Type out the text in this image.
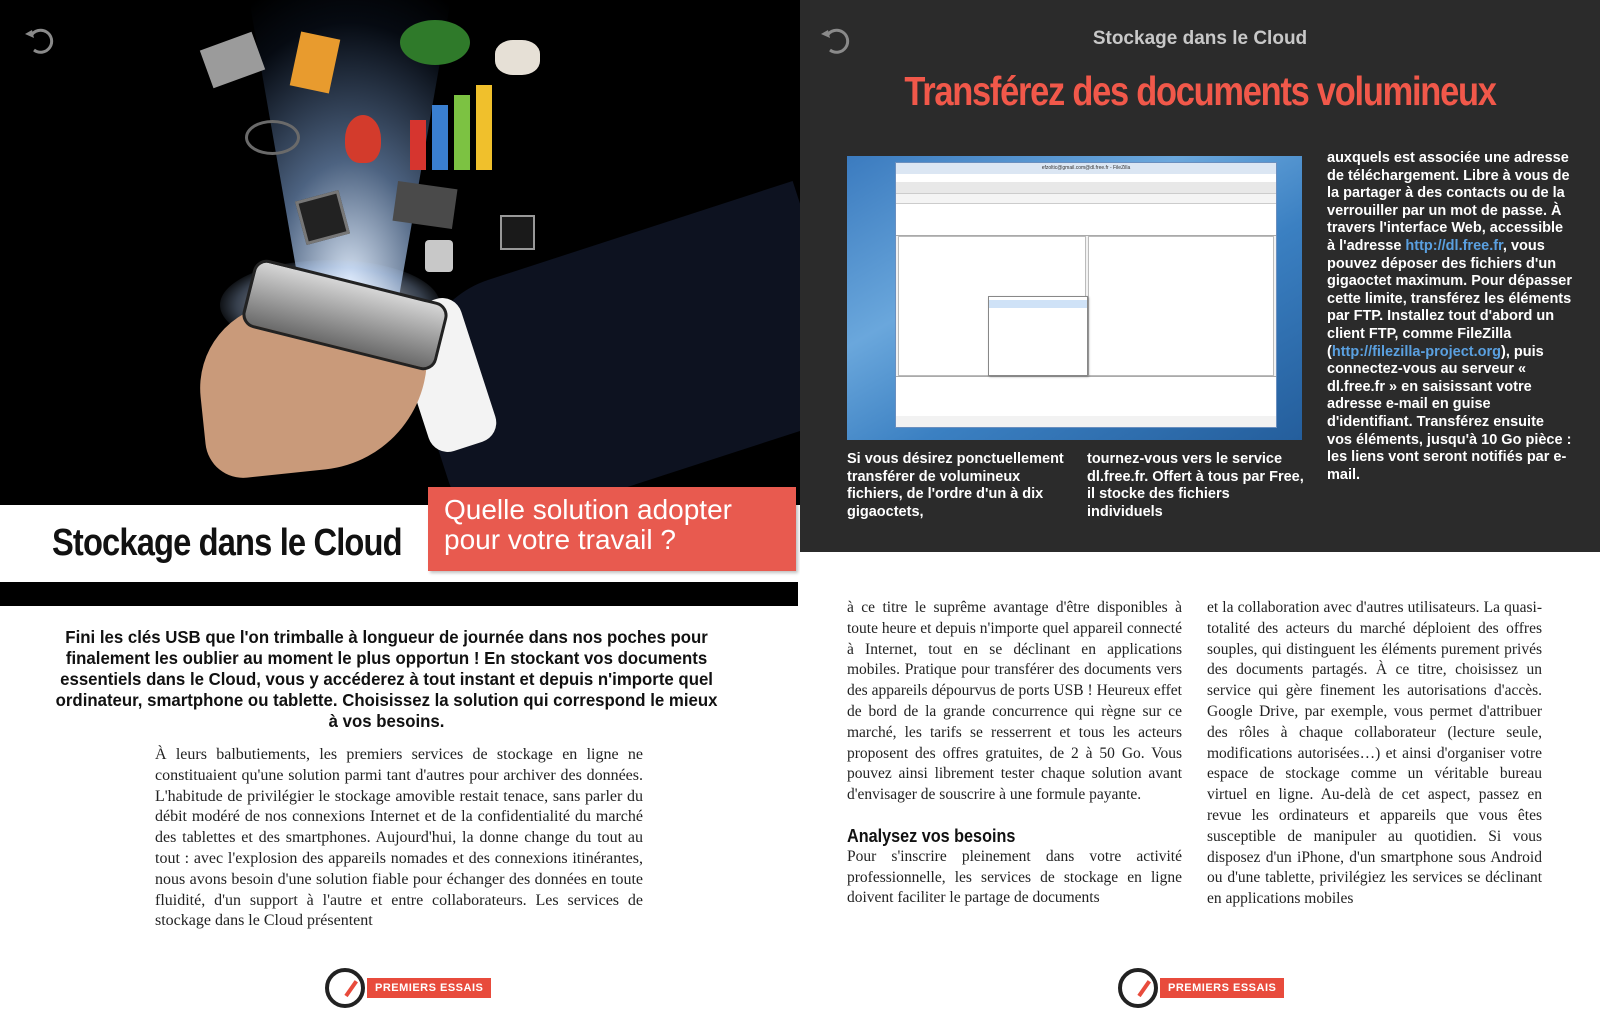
Stockage dans le Cloud
Quelle solution adopter
pour votre travail ?
Fini les clés USB que l'on trimballe à longueur de journée dans nos poches pour finalement les oublier au moment le plus opportun ! En stockant vos documents essentiels dans le Cloud, vous y accéderez à tout instant et depuis n'importe quel ordinateur, smartphone ou tablette. Choisissez la solution qui correspond le mieux à vos besoins.
À leurs balbutiements, les premiers services de stockage en ligne ne constituaient qu'une solution parmi tant d'autres pour archiver des données. L'habitude de privilégier le stockage amovible restait tenace, sans parler du débit modéré de nos connexions Internet et de la confidentialité du marché des tablettes et des smartphones. Aujourd'hui, la donne change du tout au tout : avec l'explosion des appareils nomades et des connexions itinérantes, nous avons besoin d'une solution fiable pour échanger des données en toute fluidité, d'un support à l'autre et entre collaborateurs. Les services de stockage dans le Cloud présentent
PREMIERS ESSAIS
Stockage dans le Cloud
Transférez des documents volumineux
efzoltic@gmail.com@dl.free.fr - FileZilla
Si vous désirez ponctuellement transférer de volumineux fichiers, de l'ordre d'un à dix gigaoctets,
tournez-vous vers le service dl.free.fr. Offert à tous par Free, il stocke des fichiers individuels
auxquels est associée une adresse de téléchargement. Libre à vous de la partager à des contacts ou de la verrouiller par un mot de passe. À travers l'interface Web, accessible à l'adresse http://dl.free.fr, vous pouvez déposer des fichiers d'un gigaoctet maximum. Pour dépasser cette limite, transférez les éléments par FTP. Installez tout d'abord un client FTP, comme FileZilla (http://filezilla-project.org), puis connectez-vous au serveur « dl.free.fr » en saisissant votre adresse e-mail en guise d'identifiant. Transférez ensuite vos éléments, jusqu'à 10 Go pièce : les liens vont seront notifiés par e-mail.
à ce titre le suprême avantage d'être disponibles à toute heure et depuis n'importe quel appareil connecté à Internet, tout en se déclinant en applications mobiles. Pratique pour transférer des documents vers des appareils dépourvus de ports USB ! Heureux effet de bord de la grande concurrence qui règne sur ce marché, les tarifs se resserrent et tous les acteurs proposent des offres gratuites, de 2 à 50 Go. Vous pouvez ainsi librement tester chaque solution avant d'envisager de souscrire à une formule payante.
Analysez vos besoins
Pour s'inscrire pleinement dans votre activité professionnelle, les services de stockage en ligne doivent faciliter le partage de documents
et la collaboration avec d'autres utilisateurs. La quasi-totalité des acteurs du marché déploient des offres souples, qui distinguent les éléments purement privés des documents partagés. À ce titre, choisissez un service qui gère finement les autorisations d'accès. Google Drive, par exemple, vous permet d'attribuer des rôles à chaque collaborateur (lecture seule, modifications autorisées…) et ainsi d'organiser votre espace de stockage comme un véritable bureau virtuel en ligne. Au-delà de cet aspect, passez en revue les ordinateurs et appareils que vous êtes susceptible de manipuler au quotidien. Si vous disposez d'un iPhone, d'un smartphone sous Android ou d'une tablette, privilégiez les services se déclinant en applications mobiles
PREMIERS ESSAIS
